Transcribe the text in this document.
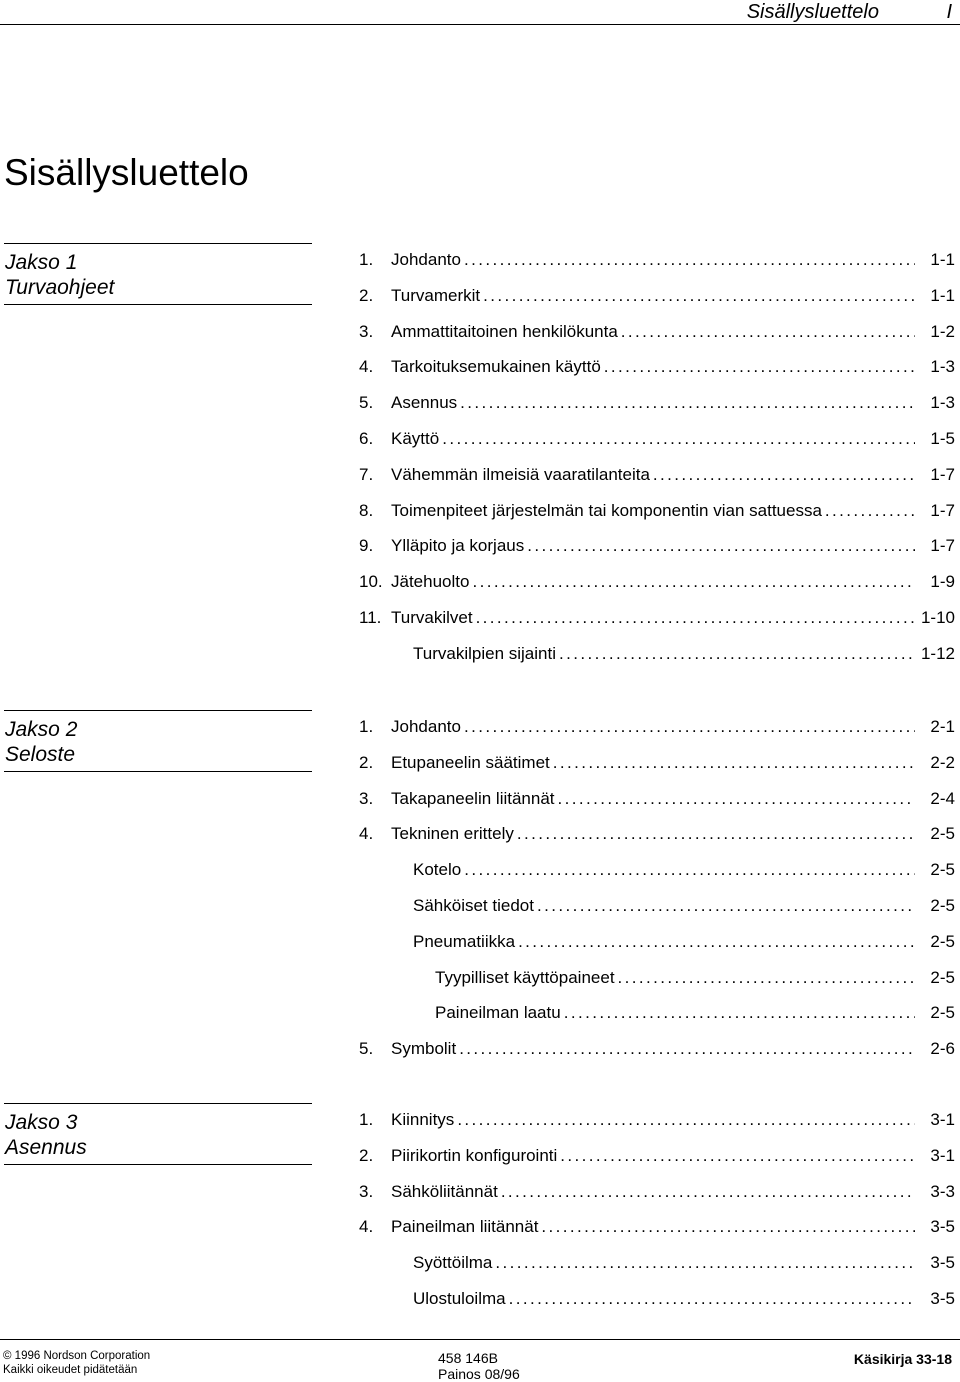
Sisällysluettelo	I
Sisällysluettelo
Jakso 1
Turvaohjeet
1.	Johdanto .....	1-1
2.	Turvamerkit .....	1-1
3.	Ammattitaitoinen henkilökunta .....	1-2
4.	Tarkoituksemukainen käyttö .....	1-3
5.	Asennus .....	1-3
6.	Käyttö .....	1-5
7.	Vähemmän ilmeisiä vaaratilanteita .....	1-7
8.	Toimenpiteet järjestelmän tai komponentin vian sattuessa .....	1-7
9.	Ylläpito ja korjaus .....	1-7
10. Jätehuolto .....	1-9
11. Turvakilvet .....	1-10
Turvakilpien sijainti .....	1-12
Jakso 2
Seloste
1.	Johdanto .....	2-1
2.	Etupaneelin säätimet .....	2-2
3.	Takapaneelin liitännät .....	2-4
4.	Tekninen erittely .....	2-5
Kotelo .....	2-5
Sähköiset tiedot .....	2-5
Pneumatiikka .....	2-5
Tyypilliset käyttöpaineet .....	2-5
Paineilman laatu .....	2-5
5.	Symbolit .....	2-6
Jakso 3
Asennus
1.	Kiinnitys .....	3-1
2.	Piirikortin konfigurointi .....	3-1
3.	Sähköliitännät .....	3-3
4.	Paineilman liitännät .....	3-5
Syöttöilma .....	3-5
Ulostuloilma .....	3-5
© 1996 Nordson Corporation
Kaikki oikeudet pidätetään
458 146B
Painos 08/96
Käsikirja 33-18
